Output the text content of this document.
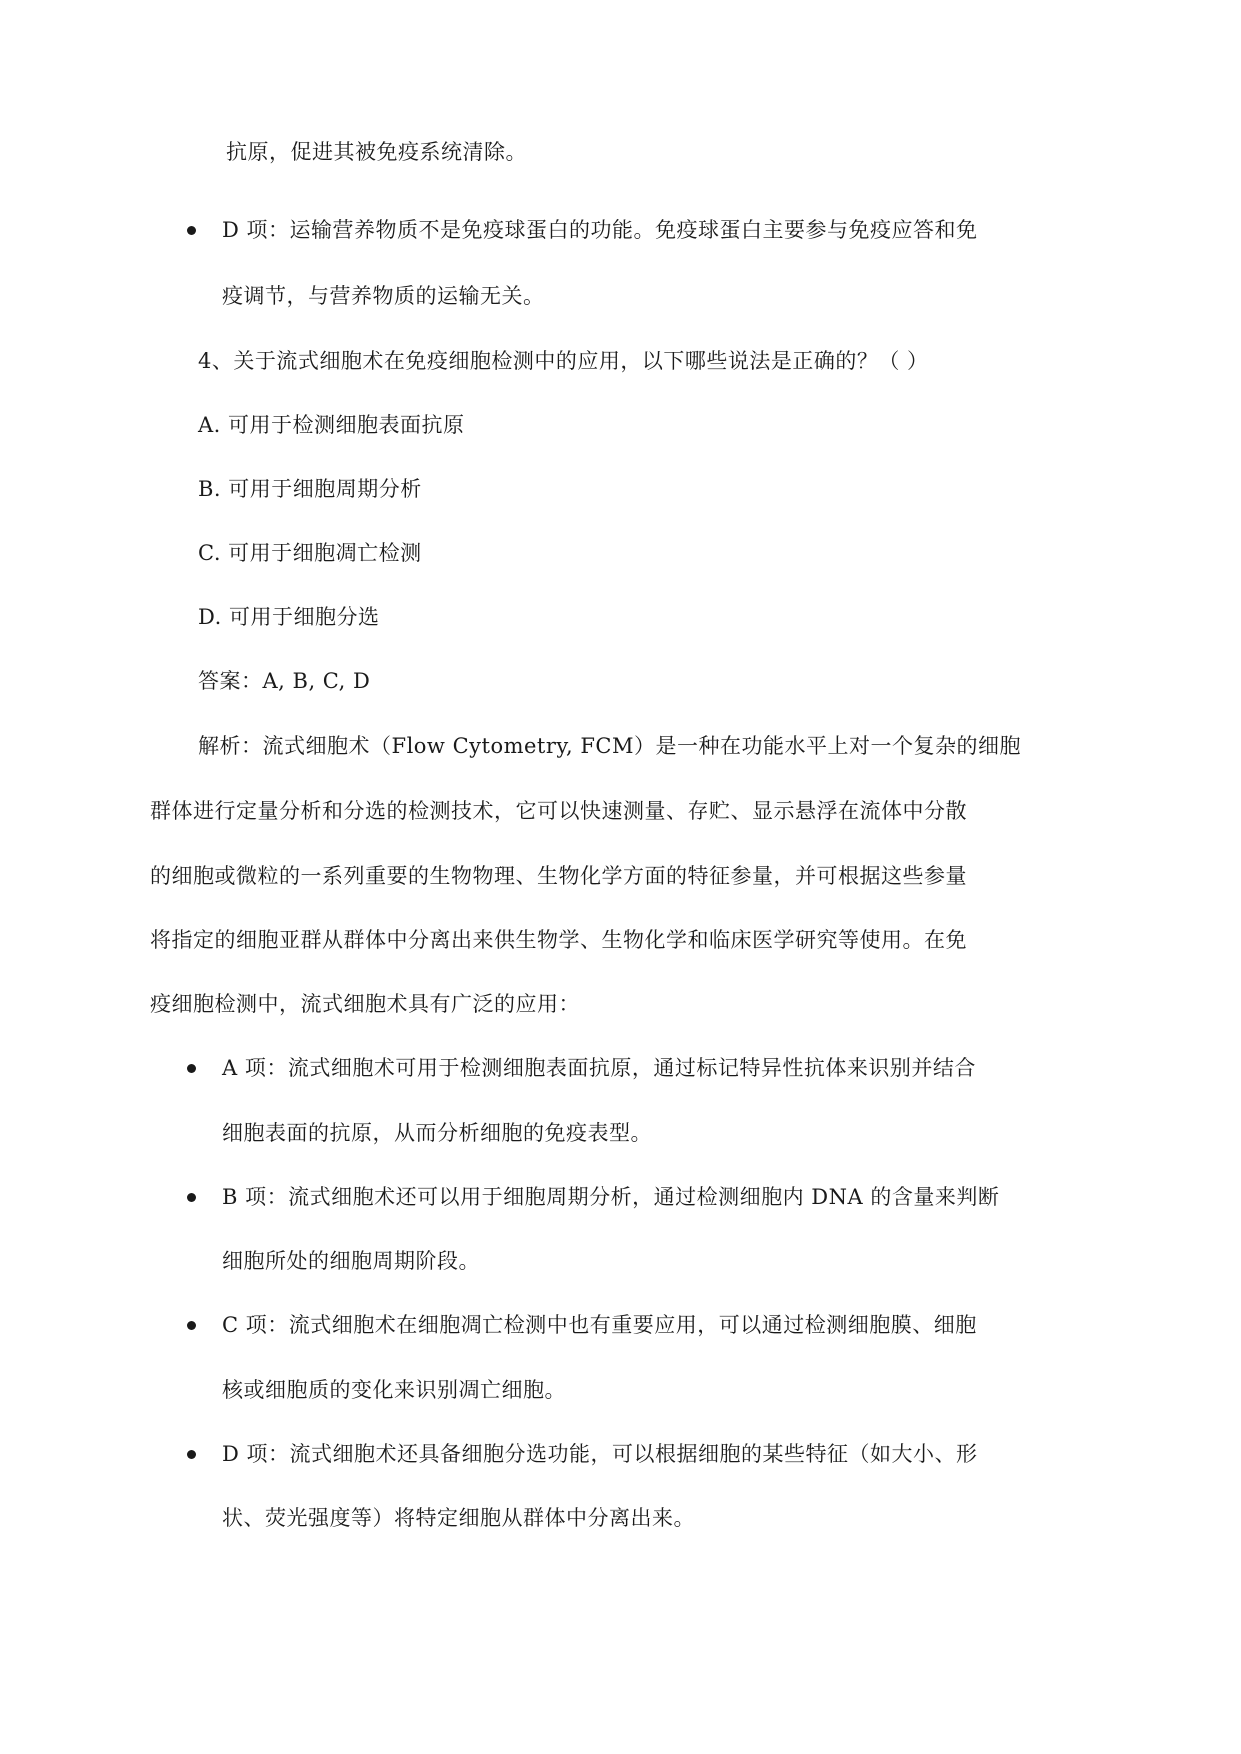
抗原，促进其被免疫系统清除。
D 项：运输营养物质不是免疫球蛋白的功能。免疫球蛋白主要参与免疫应答和免
疫调节，与营养物质的运输无关。
4、关于流式细胞术在免疫细胞检测中的应用，以下哪些说法是正确的？（ ）
A. 可用于检测细胞表面抗原
B. 可用于细胞周期分析
C. 可用于细胞凋亡检测
D. 可用于细胞分选
答案：A, B, C, D
解析：流式细胞术（Flow Cytometry, FCM）是一种在功能水平上对一个复杂的细胞
群体进行定量分析和分选的检测技术，它可以快速测量、存贮、显示悬浮在流体中分散
的细胞或微粒的一系列重要的生物物理、生物化学方面的特征参量，并可根据这些参量
将指定的细胞亚群从群体中分离出来供生物学、生物化学和临床医学研究等使用。在免
疫细胞检测中，流式细胞术具有广泛的应用：
A 项：流式细胞术可用于检测细胞表面抗原，通过标记特异性抗体来识别并结合
细胞表面的抗原，从而分析细胞的免疫表型。
B 项：流式细胞术还可以用于细胞周期分析，通过检测细胞内 DNA 的含量来判断
细胞所处的细胞周期阶段。
C 项：流式细胞术在细胞凋亡检测中也有重要应用，可以通过检测细胞膜、细胞
核或细胞质的变化来识别凋亡细胞。
D 项：流式细胞术还具备细胞分选功能，可以根据细胞的某些特征（如大小、形
状、荧光强度等）将特定细胞从群体中分离出来。
